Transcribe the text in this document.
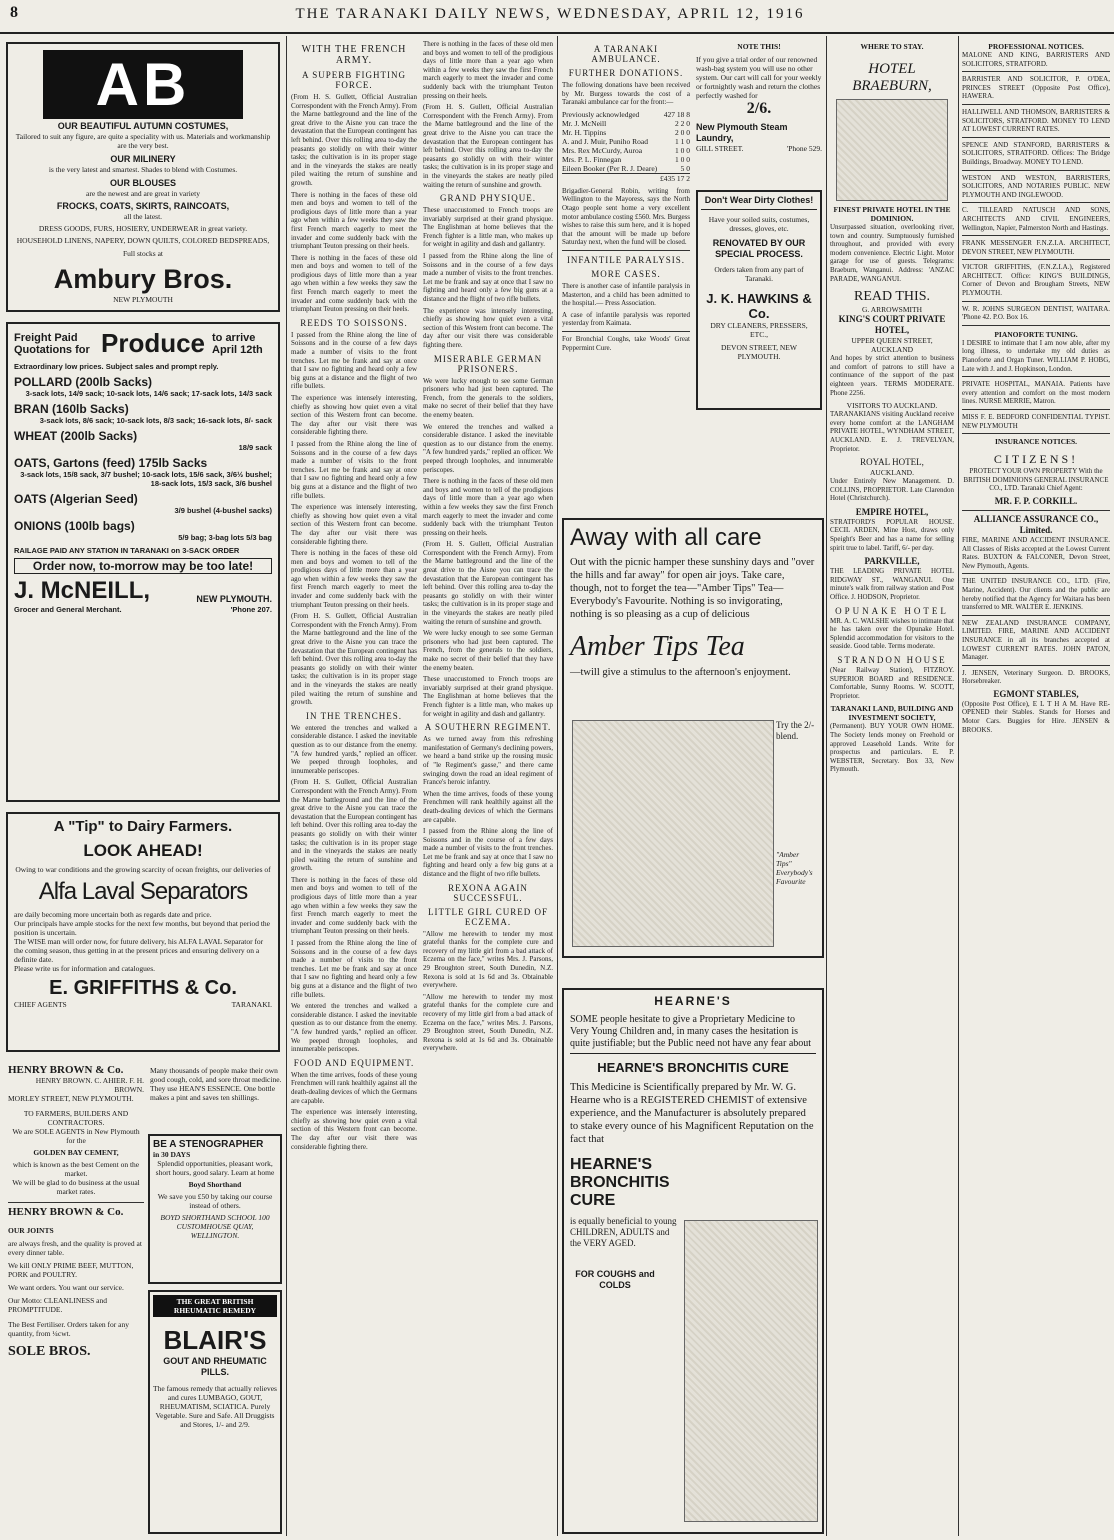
8	THE TARANAKI DAILY NEWS, WEDNESDAY, APRIL 12, 1916
AB
OUR BEAUTIFUL AUTUMN COSTUMES,
Tailored to suit any figure, are quite a speciality with us. Materials and workmanship are the very best.
OUR MILINERY
is the very latest and smartest. Shades to blend with Costumes.
OUR BLOUSES
are the newest and are great in variety
FROCKS, COATS, SKIRTS, RAINCOATS,
all the latest.
DRESS GOODS, FURS, HOSIERY, UNDERWEAR in great variety.
HOUSEHOLD LINENS, NAPERY, DOWN QUILTS, COLORED BEDSPREADS,
Full stocks at
Ambury Bros.
NEW PLYMOUTH
Freight Paid Quotations for Produce to arrive April 12th
Extraordinary low prices. Subject sales and prompt reply.
POLLARD (200lb Sacks)
3-sack lots, 14/9 sack; 10-sack lots, 14/6 sack; 17-sack lots, 14/3 sack
BRAN (160lb Sacks)
3-sack lots, 8/6 sack; 10-sack lots, 8/3 sack; 16-sack lots, 8/- sack
WHEAT (200lb Sacks)
18/9 sack
OATS, Gartons (feed) 175lb Sacks
3-sack lots, 15/8 sack, 3/7 bushel; 10-sack lots, 15/6 sack, 3/6½ bushel; 18-sack lots, 15/3 sack, 3/6 bushel
OATS (Algerian Seed)
3/9 bushel (4-bushel sacks)
ONIONS (100lb bags)
5/9 bag; 3-bag lots 5/3 bag
RAILAGE PAID ANY STATION IN TARANAKI on 3-SACK ORDER
Order now, to-morrow may be too late!
J. McNEILL,	NEW PLYMOUTH.
Grocer and General Merchant.	'Phone 207.
A "Tip" to Dairy Farmers.
LOOK AHEAD!
Owing to war conditions and the growing scarcity of ocean freights, our deliveries of
Alfa Laval Separators
are daily becoming more uncertain both as regards date and price.
Our principals have ample stocks for the next few months, but beyond that period the position is uncertain.
The WISE man will order now, for future delivery, his ALFA LAVAL Separator for the coming season, thus getting in at the present prices and ensuring delivery on a definite date.
Please write us for information and catalogues.
E. GRIFFITHS & Co.
CHIEF AGENTS	TARANAKI.
HENRY BROWN & Co.
HENRY BROWN. C. AHIER. F. H. BROWN.
MORLEY STREET, NEW PLYMOUTH.
TO FARMERS, BUILDERS AND CONTRACTORS.
We are SOLE AGENTS in New Plymouth for the
GOLDEN BAY CEMENT,
which is known as the best Cement on the market.
We will be glad to do business at the usual market rates.
HENRY BROWN & Co.
OUR JOINTS
are always fresh, and the quality is proved at every dinner table.
We kill ONLY PRIME BEEF, MUTTON, PORK and POULTRY.
We want orders. You want our service.
Our Motto: CLEANLINESS and PROMPTITUDE.
The Best Fertiliser. Orders taken for any quantity, from ¼cwt.
SOLE BROS.
Many thousands of people make their own good cough, cold, and sore throat medicine. They use HEAN'S ESSENCE. One bottle makes a pint and saves ten shillings.
BE A STENOGRAPHER
in 30 DAYS
Splendid opportunities, pleasant work, short hours, good salary. Learn at home
Boyd Shorthand
We save you £50 by taking our course instead of others.
BOYD SHORTHAND SCHOOL 100 CUSTOMHOUSE QUAY, WELLINGTON.
THE GREAT BRITISH RHEUMATIC REMEDY
BLAIR'S
GOUT AND RHEUMATIC PILLS.
The famous remedy that actually relieves and cures LUMBAGO, GOUT, RHEUMATISM, SCIATICA. Purely Vegetable. Sure and Safe. All Druggists and Stores, 1/- and 2/9.
WITH THE FRENCH ARMY.
A SUPERB FIGHTING FORCE.

(From H. S. Gullett, Official Australian Correspondent with the French Army). From the Marne battleground and the line of the great drive to the Aisne you can trace the devastation that the European contingent has left behind. Over this rolling area to-day the peasants go stolidly on with their winter tasks; the cultivation is in its proper stage and in the vineyards the stakes are neatly piled waiting the return of sunshine and growth.

There is nothing in the faces of these old men and boys and women to tell of the prodigious days of little more than a year ago when within a few weeks they saw the first French march eagerly to meet the invader and come suddenly back with the triumphant Teuton pressing on their heels.

There is nothing in the faces of these old men and boys and women to tell of the prodigious days of little more than a year ago when within a few weeks they saw the first French march eagerly to meet the invader and come suddenly back with the triumphant Teuton pressing on their heels.

REEDS TO SOISSONS.

I passed from the Rhine along the line of Soissons and in the course of a few days made a number of visits to the front trenches. Let me be frank and say at once that I saw no fighting and heard only a few big guns at a distance and the flight of two rifle bullets.

The experience was intensely interesting, chiefly as showing how quiet even a vital section of this Western front can become. The day after our visit there was considerable fighting there.

I passed from the Rhine along the line of Soissons and in the course of a few days made a number of visits to the front trenches. Let me be frank and say at once that I saw no fighting and heard only a few big guns at a distance and the flight of two rifle bullets.

The experience was intensely interesting, chiefly as showing how quiet even a vital section of this Western front can become. The day after our visit there was considerable fighting there.

There is nothing in the faces of these old men and boys and women to tell of the prodigious days of little more than a year ago when within a few weeks they saw the first French march eagerly to meet the invader and come suddenly back with the triumphant Teuton pressing on their heels.

(From H. S. Gullett, Official Australian Correspondent with the French Army). From the Marne battleground and the line of the great drive to the Aisne you can trace the devastation that the European contingent has left behind. Over this rolling area to-day the peasants go stolidly on with their winter tasks; the cultivation is in its proper stage and in the vineyards the stakes are neatly piled waiting the return of sunshine and growth.

IN THE TRENCHES.

We entered the trenches and walked a considerable distance. I asked the inevitable question as to our distance from the enemy. "A few hundred yards," replied an officer. We peeped through loopholes, and innumerable periscopes.

(From H. S. Gullett, Official Australian Correspondent with the French Army). From the Marne battleground and the line of the great drive to the Aisne you can trace the devastation that the European contingent has left behind. Over this rolling area to-day the peasants go stolidly on with their winter tasks; the cultivation is in its proper stage and in the vineyards the stakes are neatly piled waiting the return of sunshine and growth.

There is nothing in the faces of these old men and boys and women to tell of the prodigious days of little more than a year ago when within a few weeks they saw the first French march eagerly to meet the invader and come suddenly back with the triumphant Teuton pressing on their heels.

I passed from the Rhine along the line of Soissons and in the course of a few days made a number of visits to the front trenches. Let me be frank and say at once that I saw no fighting and heard only a few big guns at a distance and the flight of two rifle bullets.

We entered the trenches and walked a considerable distance. I asked the inevitable question as to our distance from the enemy. "A few hundred yards," replied an officer. We peeped through loopholes, and innumerable periscopes.

FOOD AND EQUIPMENT.

When the time arrives, foods of these young Frenchmen will rank healthily against all the death-dealing devices of which the Germans are capable.

The experience was intensely interesting, chiefly as showing how quiet even a vital section of this Western front can become. The day after our visit there was considerable fighting there.

There is nothing in the faces of these old men and boys and women to tell of the prodigious days of little more than a year ago when within a few weeks they saw the first French march eagerly to meet the invader and come suddenly back with the triumphant Teuton pressing on their heels.

(From H. S. Gullett, Official Australian Correspondent with the French Army). From the Marne battleground and the line of the great drive to the Aisne you can trace the devastation that the European contingent has left behind. Over this rolling area to-day the peasants go stolidly on with their winter tasks; the cultivation is in its proper stage and in the vineyards the stakes are neatly piled waiting the return of sunshine and growth.

GRAND PHYSIQUE.

These unaccustomed to French troops are invariably surprised at their grand physique. The Englishman at home believes that the French fighter is a little man, who makes up for weight in agility and dash and gallantry.

I passed from the Rhine along the line of Soissons and in the course of a few days made a number of visits to the front trenches. Let me be frank and say at once that I saw no fighting and heard only a few big guns at a distance and the flight of two rifle bullets.

The experience was intensely interesting, chiefly as showing how quiet even a vital section of this Western front can become. The day after our visit there was considerable fighting there.

MISERABLE GERMAN PRISONERS.

We were lucky enough to see some German prisoners who had just been captured. The French, from the generals to the soldiers, make no secret of their belief that they have the enemy beaten.

We entered the trenches and walked a considerable distance. I asked the inevitable question as to our distance from the enemy. "A few hundred yards," replied an officer. We peeped through loopholes, and innumerable periscopes.

There is nothing in the faces of these old men and boys and women to tell of the prodigious days of little more than a year ago when within a few weeks they saw the first French march eagerly to meet the invader and come suddenly back with the triumphant Teuton pressing on their heels.

(From H. S. Gullett, Official Australian Correspondent with the French Army). From the Marne battleground and the line of the great drive to the Aisne you can trace the devastation that the European contingent has left behind. Over this rolling area to-day the peasants go stolidly on with their winter tasks; the cultivation is in its proper stage and in the vineyards the stakes are neatly piled waiting the return of sunshine and growth.

We were lucky enough to see some German prisoners who had just been captured. The French, from the generals to the soldiers, make no secret of their belief that they have the enemy beaten.

These unaccustomed to French troops are invariably surprised at their grand physique. The Englishman at home believes that the French fighter is a little man, who makes up for weight in agility and dash and gallantry.

A SOUTHERN REGIMENT.

As we turned away from this refreshing manifestation of Germany's declining powers, we heard a band strike up the rousing music of "le Regiment's gasse," and there came swinging down the road an ideal regiment of France's heroic infantry.

When the time arrives, foods of these young Frenchmen will rank healthily against all the death-dealing devices of which the Germans are capable.

I passed from the Rhine along the line of Soissons and in the course of a few days made a number of visits to the front trenches. Let me be frank and say at once that I saw no fighting and heard only a few big guns at a distance and the flight of two rifle bullets.

REXONA AGAIN SUCCESSFUL.
LITTLE GIRL CURED OF ECZEMA.

"Allow me herewith to tender my most grateful thanks for the complete cure and recovery of my little girl from a bad attack of Eczema on the face," writes Mrs. J. Parsons, 29 Broughton street, South Dunedin, N.Z. Rexona is sold at 1s 6d and 3s. Obtainable everywhere.

"Allow me herewith to tender my most grateful thanks for the complete cure and recovery of my little girl from a bad attack of Eczema on the face," writes Mrs. J. Parsons, 29 Broughton street, South Dunedin, N.Z. Rexona is sold at 1s 6d and 3s. Obtainable everywhere.

A TARANAKI AMBULANCE.
FURTHER DONATIONS.

The following donations have been received by Mr. Burgess towards the cost of a Taranaki ambulance car for the front:—

Previously acknowledged	427 18 8
Mr. J. McNeill	2 2 0
Mr. H. Tippins	2 0 0
A. and J. Muir, Puniho Road	1 1 0
Mrs. Rex McCurdy, Auroa	1 0 0
Mrs. P. L. Finnegan	1 0 0
Eileen Booker (Per R. J. Deare)	5 0
£435 17 2

Brigadier-General Robin, writing from Wellington to the Mayoress, says the North Otago people sent home a very excellent motor ambulance costing £560. Mrs. Burgess wishes to raise this sum here, and it is hoped that the amount will be made up before Saturday next, when the fund will be closed.

INFANTILE PARALYSIS.
MORE CASES.

There is another case of infantile paralysis in Masterton, and a child has been admitted to the hospital.— Press Association.

A case of infantile paralysis was reported yesterday from Kaimata.

For Bronchial Coughs, take Woods' Great Peppermint Cure.

NOTE THIS!
If you give a trial order of our renowned wash-bag system you will use no other system. Our cart will call for your weekly or fortnightly wash and return the clothes perfectly washed for
2/6.
New Plymouth Steam Laundry,
GILL STREET.	'Phone 529.
Don't Wear Dirty Clothes!
Have your soiled suits, costumes, dresses, gloves, etc.
RENOVATED BY OUR SPECIAL PROCESS.
Orders taken from any part of Taranaki.
J. K. HAWKINS & Co.
DRY CLEANERS, PRESSERS, ETC.,
DEVON STREET, NEW PLYMOUTH.
Away with all care
Out with the picnic hamper these sunshiny days and "over the hills and far away" for open air joys. Take care, though, not to forget the tea—"Amber Tips" Tea—Everybody's Favourite. Nothing is so invigorating, nothing is so pleasing as a cup of delicious
Amber Tips Tea
—twill give a stimulus to the afternoon's enjoyment.
Try the 2/- blend.
"Amber Tips" Everybody's Favourite
HEARNE'S
SOME people hesitate to give a Proprietary Medicine to Very Young Children and, in many cases the hesitation is quite justifiable; but the Public need not have any fear about
HEARNE'S BRONCHITIS CURE
This Medicine is Scientifically prepared by Mr. W. G. Hearne who is a REGISTERED CHEMIST of extensive experience, and the Manufacturer is absolutely prepared to stake every ounce of his Magnificent Reputation on the fact that
HEARNE'S BRONCHITIS CURE
is equally beneficial to young CHILDREN, ADULTS and the VERY AGED.
FOR COUGHS and COLDS
WHERE TO STAY.
HOTEL BRAEBURN,
FINEST PRIVATE HOTEL IN THE DOMINION.

Unsurpassed situation, overlooking river, town and country. Sumptuously furnished throughout, and provided with every modern convenience. Electric Light. Motor garage for use of guests. Telegrams: Braeburn, Wanganui. Address: 'ANZAC PARADE, WANGANUI.

READ THIS.
G. ARROWSMITH
KING'S COURT PRIVATE HOTEL,
UPPER QUEEN STREET, AUCKLAND

And hopes by strict attention to business and comfort of patrons to still have a continuance of the support of the past eighteen years. TERMS MODERATE. Phone 2256.

VISITORS TO AUCKLAND.

TARANAKIANS visiting Auckland receive every home comfort at the LANGHAM PRIVATE HOTEL, WYNDHAM STREET, AUCKLAND. E. J. TREVELYAN, Proprietor.

ROYAL HOTEL,
AUCKLAND.

Under Entirely New Management. D. COLLINS, PROPRIETOR. Late Clarendon Hotel (Christchurch).

EMPIRE HOTEL,

STRATFORD'S POPULAR HOUSE. CECIL ARDEN, Mine Host, draws only Speight's Beer and has a name for selling spirit true to label. Tariff, 6/- per day.

PARKVILLE,

THE LEADING PRIVATE HOTEL RIDGWAY ST., WANGANUI. One minute's walk from railway station and Post Office. J. HODSON, Proprietor.

OPUNAKE HOTEL

MR. A. C. WALSHE wishes to intimate that he has taken over the Opunake Hotel. Splendid accommodation for visitors to the seaside. Good table. Terms moderate.

STRANDON HOUSE

(Near Railway Station), FITZROY. SUPERIOR BOARD and RESIDENCE. Comfortable, Sunny Rooms. W. SCOTT, Proprietor.

TARANAKI LAND, BUILDING AND INVESTMENT SOCIETY,

(Permanent). BUY YOUR OWN HOME. The Society lends money on Freehold or approved Leasehold Lands. Write for prospectus and particulars. E. P. WEBSTER, Secretary. Box 33, New Plymouth.

PROFESSIONAL NOTICES.

MALONE AND KING, BARRISTERS AND SOLICITORS, STRATFORD.

BARRISTER AND SOLICITOR, P. O'DEA, PRINCES STREET (Opposite Post Office), HAWERA.

HALLIWELL AND THOMSON, BARRISTERS & SOLICITORS, STRATFORD. MONEY TO LEND AT LOWEST CURRENT RATES.

SPENCE AND STANFORD, BARRISTERS & SOLICITORS, STRATFORD. Offices: The Bridge Buildings, Broadway. MONEY TO LEND.

WESTON AND WESTON, BARRISTERS, SOLICITORS, AND NOTARIES PUBLIC. NEW PLYMOUTH AND INGLEWOOD.

C. TILLEARD NATUSCH AND SONS, ARCHITECTS AND CIVIL ENGINEERS, Wellington, Napier, Palmerston North and Hastings.

FRANK MESSENGER F.N.Z.I.A. ARCHITECT, DEVON STREET, NEW PLYMOUTH.

VICTOR GRIFFITHS, (F.N.Z.I.A.), Registered ARCHITECT. Office: KING'S BUILDINGS, Corner of Devon and Brougham Streets, NEW PLYMOUTH.

W. R. JOHNS SURGEON DENTIST, WAITARA. 'Phone 42. P.O. Box 16.

PIANOFORTE TUNING.

I DESIRE to intimate that I am now able, after my long illness, to undertake my old duties as Pianoforte and Organ Tuner. WILLIAM P. HOBG, Late with J. and J. Hopkinson, London.

PRIVATE HOSPITAL, MANAIA. Patients have every attention and comfort on the most modern lines. NURSE MERRIE, Matron.

MISS F. E. BEDFORD CONFIDENTIAL TYPIST. NEW PLYMOUTH

INSURANCE NOTICES.
CITIZENS!

PROTECT YOUR OWN PROPERTY With the BRITISH DOMINIONS GENERAL INSURANCE CO., LTD. Taranaki Chief Agent:

MR. F. P. CORKILL.
ALLIANCE ASSURANCE CO., Limited.

FIRE, MARINE AND ACCIDENT INSURANCE. All Classes of Risks accepted at the Lowest Current Rates. BUXTON & FALCONER, Devon Street, New Plymouth, Agents.

THE UNITED INSURANCE CO., LTD. (Fire, Marine, Accident). Our clients and the public are hereby notified that the Agency for Waitara has been transferred to MR. WALTER E. JENKINS.

NEW ZEALAND INSURANCE COMPANY, LIMITED. FIRE, MARINE AND ACCIDENT INSURANCE in all its branches accepted at LOWEST CURRENT RATES. JOHN PATON, Manager.

J. JENSEN, Veterinary Surgeon. D. BROOKS, Horsebreaker.

EGMONT STABLES,

(Opposite Post Office), E L T H A M. Have RE-OPENED their Stables. Stands for Horses and Motor Cars. Buggies for Hire. JENSEN & BROOKS.
